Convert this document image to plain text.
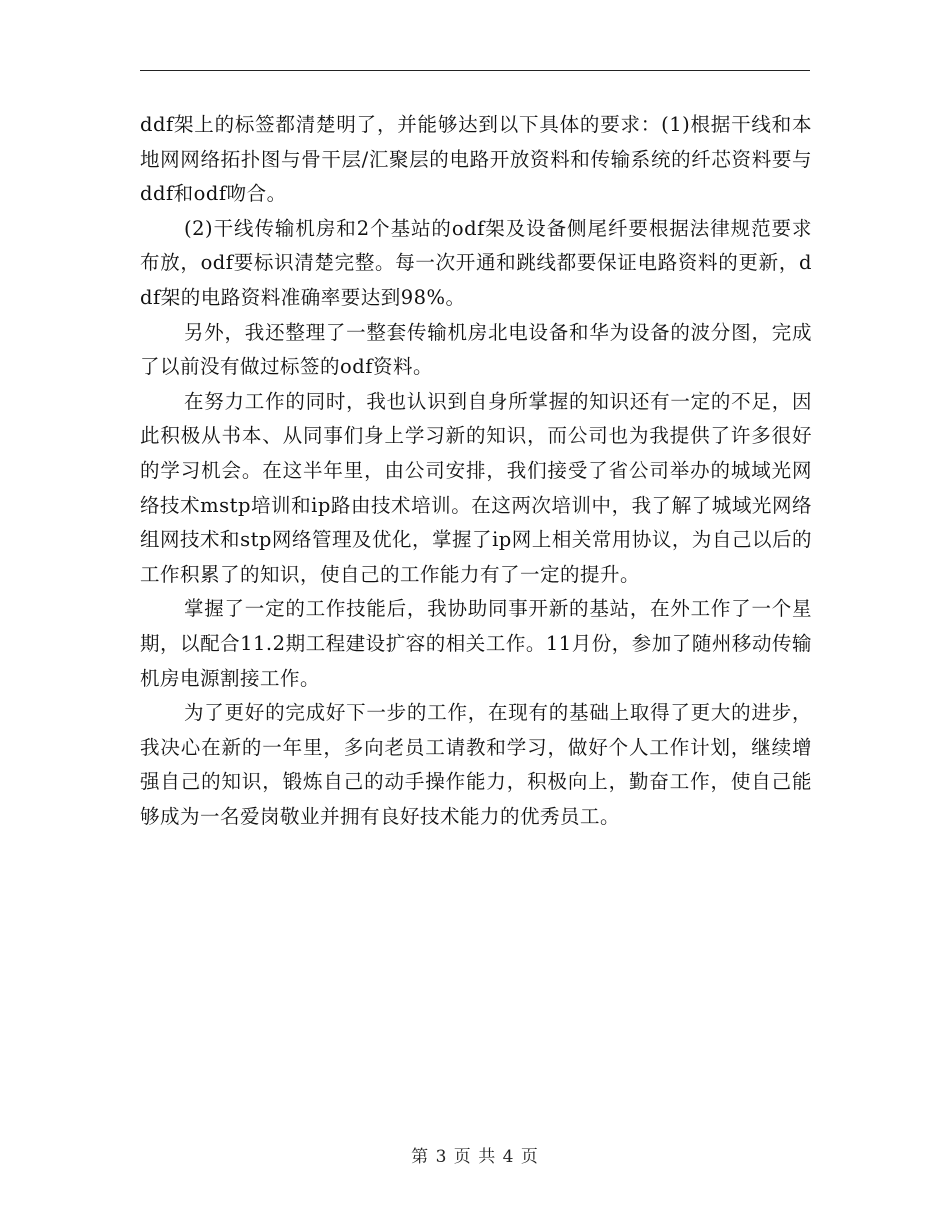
ddf架上的标签都清楚明了，并能够达到以下具体的要求：(1)根据干线和本地网网络拓扑图与骨干层/汇聚层的电路开放资料和传输系统的纤芯资料要与ddf和odf吻合。

(2)干线传输机房和2个基站的odf架及设备侧尾纤要根据法律规范要求布放，odf要标识清楚完整。每一次开通和跳线都要保证电路资料的更新，ddf架的电路资料准确率要达到98%。

另外，我还整理了一整套传输机房北电设备和华为设备的波分图，完成了以前没有做过标签的odf资料。

在努力工作的同时，我也认识到自身所掌握的知识还有一定的不足，因此积极从书本、从同事们身上学习新的知识，而公司也为我提供了许多很好的学习机会。在这半年里，由公司安排，我们接受了省公司举办的城域光网络技术mstp培训和ip路由技术培训。在这两次培训中，我了解了城域光网络组网技术和stp网络管理及优化，掌握了ip网上相关常用协议，为自己以后的工作积累了的知识，使自己的工作能力有了一定的提升。

掌握了一定的工作技能后，我协助同事开新的基站，在外工作了一个星期，以配合11.2期工程建设扩容的相关工作。11月份，参加了随州移动传输机房电源割接工作。

为了更好的完成好下一步的工作，在现有的基础上取得了更大的进步，我决心在新的一年里，多向老员工请教和学习，做好个人工作计划，继续增强自己的知识，锻炼自己的动手操作能力，积极向上，勤奋工作，使自己能够成为一名爱岗敬业并拥有良好技术能力的优秀员工。

第 3 页 共 4 页
